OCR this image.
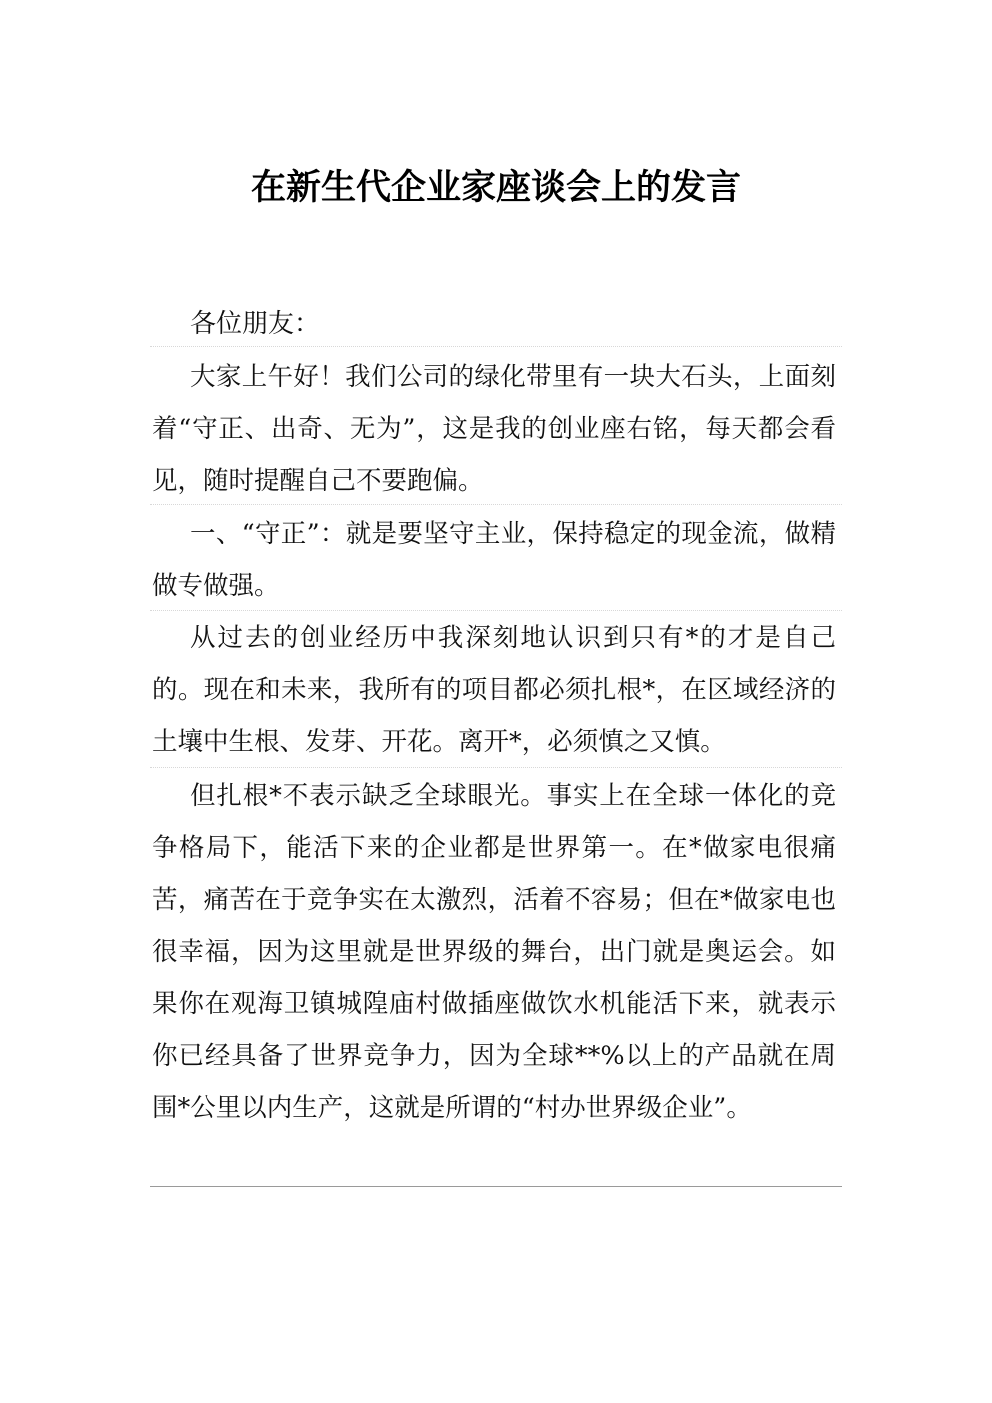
在新生代企业家座谈会上的发言
各位朋友：

大家上午好！我们公司的绿化带里有一块大石头，上面刻着“守正、出奇、无为”，这是我的创业座右铭，每天都会看见，随时提醒自己不要跑偏。

一、“守正”：就是要坚守主业，保持稳定的现金流，做精做专做强。

从过去的创业经历中我深刻地认识到只有*的才是自己的。现在和未来，我所有的项目都必须扎根*，在区域经济的土壤中生根、发芽、开花。离开*，必须慎之又慎。

但扎根*不表示缺乏全球眼光。事实上在全球一体化的竞争格局下，能活下来的企业都是世界第一。在*做家电很痛苦，痛苦在于竞争实在太激烈，活着不容易；但在*做家电也很幸福，因为这里就是世界级的舞台，出门就是奥运会。如果你在观海卫镇城隍庙村做插座做饮水机能活下来，就表示你已经具备了世界竞争力，因为全球**%以上的产品就在周围*公里以内生产，这就是所谓的“村办世界级企业”。
